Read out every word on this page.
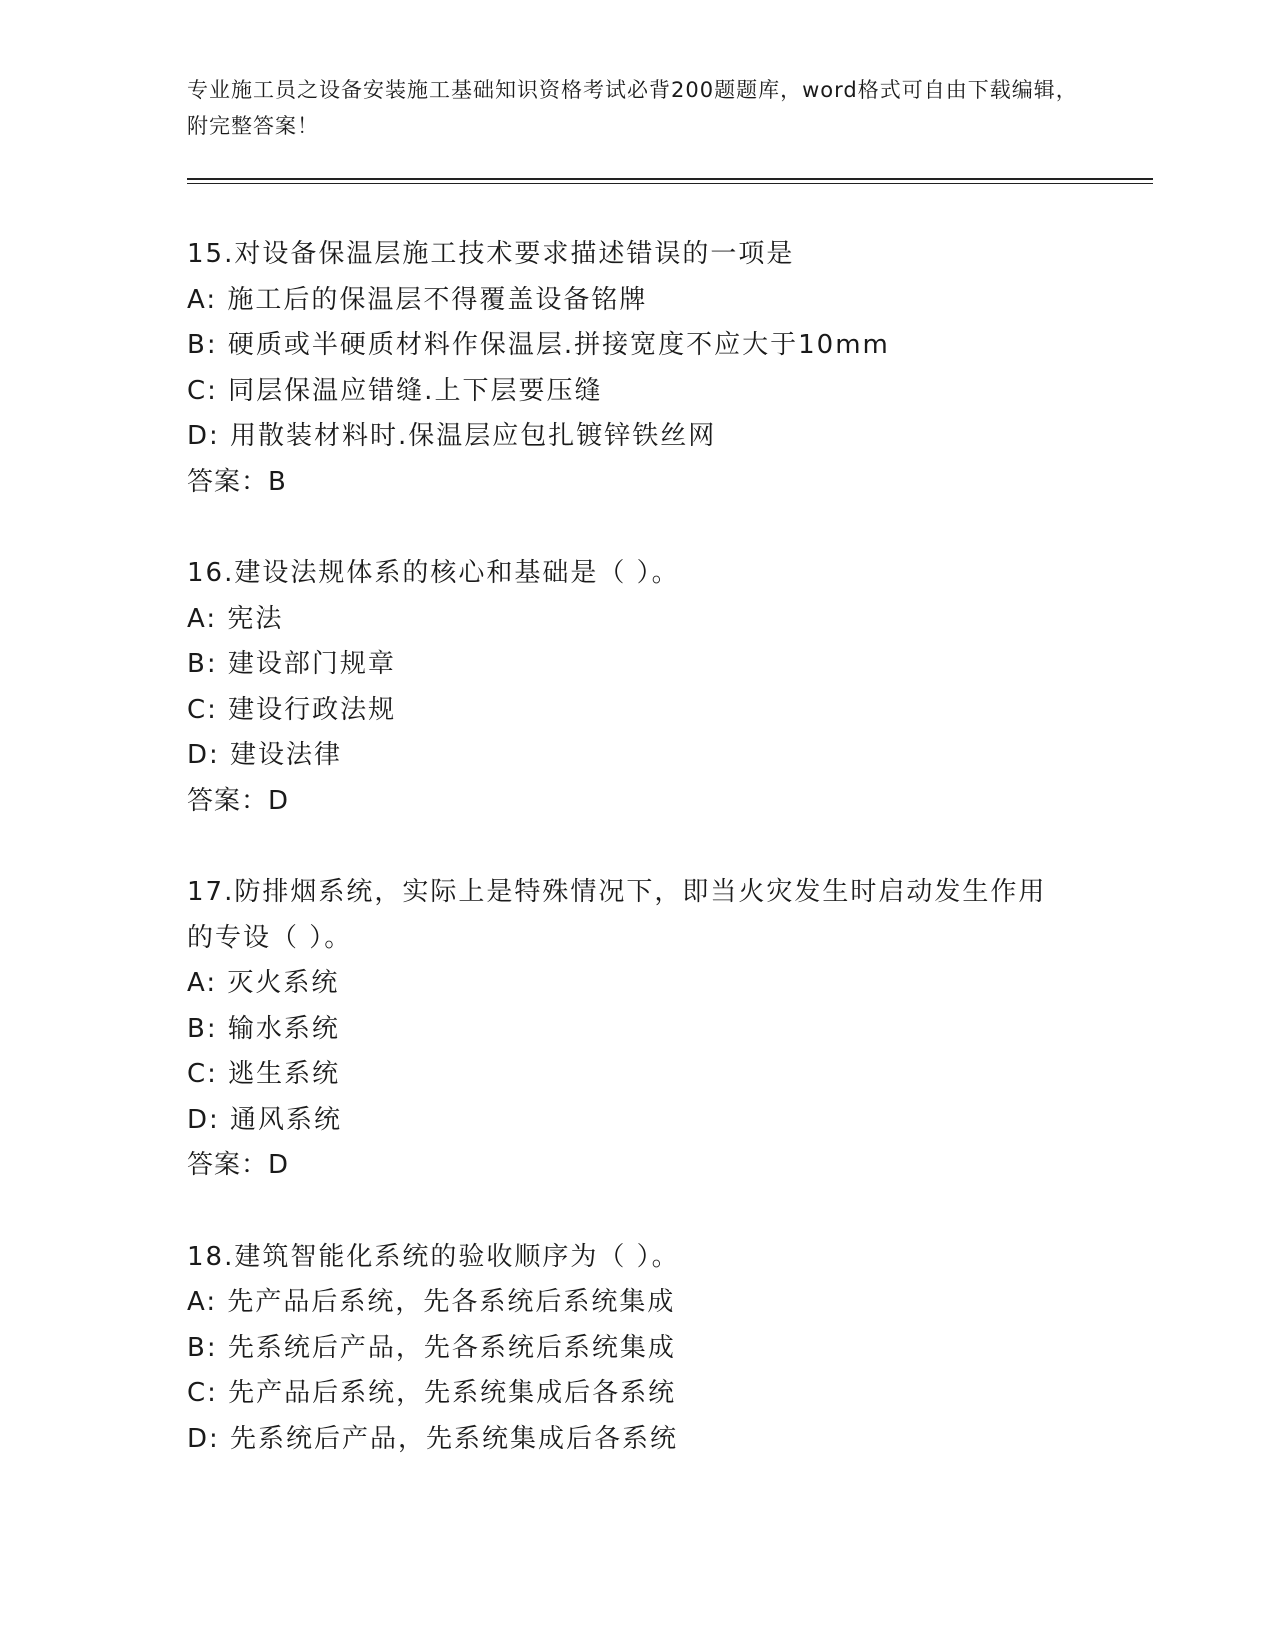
专业施工员之设备安装施工基础知识资格考试必背200题题库，word格式可自由下载编辑，附完整答案！
15.对设备保温层施工技术要求描述错误的一项是
A: 施工后的保温层不得覆盖设备铭牌
B: 硬质或半硬质材料作保温层.拼接宽度不应大于10mm
C: 同层保温应错缝.上下层要压缝
D: 用散装材料时.保温层应包扎镀锌铁丝网
答案：B
16.建设法规体系的核心和基础是（ ）。
A: 宪法
B: 建设部门规章
C: 建设行政法规
D: 建设法律
答案：D
17.防排烟系统，实际上是特殊情况下，即当火灾发生时启动发生作用的专设（ ）。
A: 灭火系统
B: 输水系统
C: 逃生系统
D: 通风系统
答案：D
18.建筑智能化系统的验收顺序为（ ）。
A: 先产品后系统，先各系统后系统集成
B: 先系统后产品，先各系统后系统集成
C: 先产品后系统，先系统集成后各系统
D: 先系统后产品，先系统集成后各系统
